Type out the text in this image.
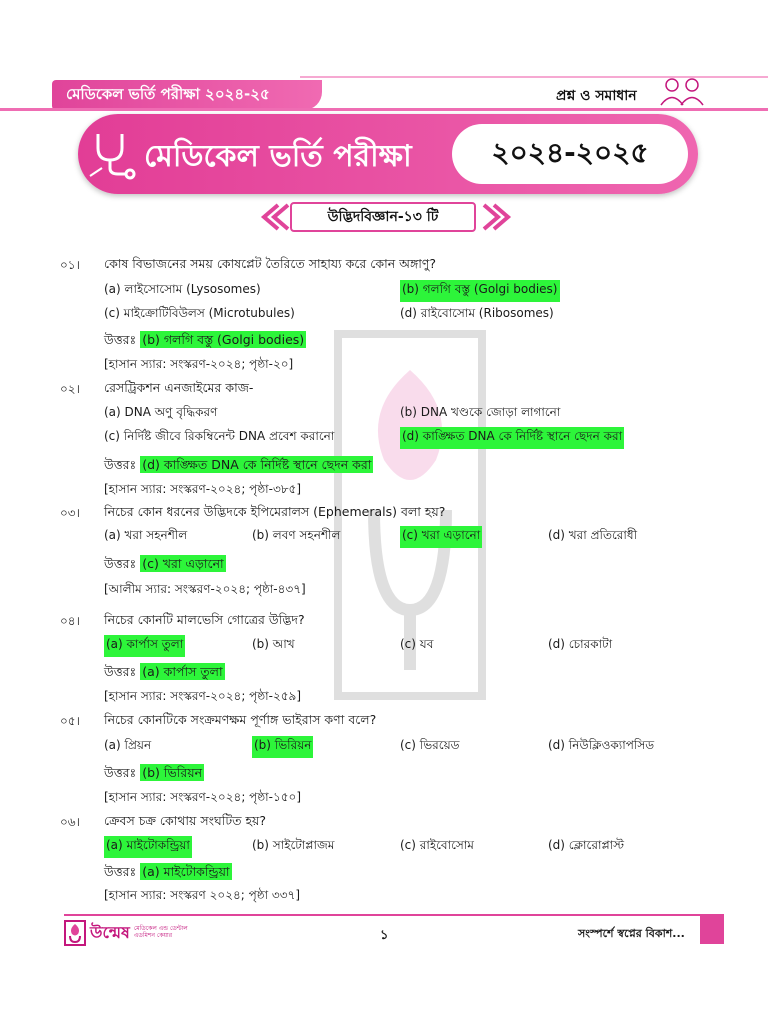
মেডিকেল ভর্তি পরীক্ষা ২০২৪-২৫	প্রশ্ন ও সমাধান
মেডিকেল ভর্তি পরীক্ষা	২০২৪-২০২৫
উদ্ভিদবিজ্ঞান-১৩ টি
০১। কোষ বিভাজনের সময় কোষপ্লেট তৈরিতে সাহায্য করে কোন অঙ্গাণু?
(a) লাইসোসোম (Lysosomes)	(b) গলগি বস্তু (Golgi bodies)
(c) মাইক্রোটিবিউলস (Microtubules)	(d) রাইবোসোম (Ribosomes)
উত্তরঃ (b) গলগি বস্তু (Golgi bodies)
[হাসান স্যার: সংস্করণ-২০২৪; পৃষ্ঠা-২০]
০২। রেসট্রিকশন এনজাইমের কাজ-
(a) DNA অণু বৃদ্ধিকরণ	(b) DNA খণ্ডকে জোড়া লাগানো
(c) নির্দিষ্ট জীবে রিকম্বিনেন্ট DNA প্রবেশ করানো	(d) কাঙ্ক্ষিত DNA কে নির্দিষ্ট স্থানে ছেদন করা
উত্তরঃ (d) কাঙ্ক্ষিত DNA কে নির্দিষ্ট স্থানে ছেদন করা
[হাসান স্যার: সংস্করণ-২০২৪; পৃষ্ঠা-৩৮৫]
০৩। নিচের কোন ধরনের উদ্ভিদকে ইপিমেরালস (Ephemerals) বলা হয়?
(a) খরা সহনশীল	(b) লবণ সহনশীল	(c) খরা এড়ানো	(d) খরা প্রতিরোধী
উত্তরঃ (c) খরা এড়ানো
[আলীম স্যার: সংস্করণ-২০২৪; পৃষ্ঠা-৪৩৭]
০৪। নিচের কোনটি মালভেসি গোত্রের উদ্ভিদ?
(a) কার্পাস তুলা	(b) আখ	(c) যব	(d) চোরকাটা
উত্তরঃ (a) কার্পাস তুলা
[হাসান স্যার: সংস্করণ-২০২৪; পৃষ্ঠা-২৫৯]
০৫। নিচের কোনটিকে সংক্রমণক্ষম পূর্ণাঙ্গ ভাইরাস কণা বলে?
(a) প্রিয়ন	(b) ভিরিয়ন	(c) ভিরয়েড	(d) নিউক্লিওক্যাপসিড
উত্তরঃ (b) ভিরিয়ন
[হাসান স্যার: সংস্করণ-২০২৪; পৃষ্ঠা-১৫০]
০৬। ক্রেবস চক্র কোথায় সংঘটিত হয়?
(a) মাইটোকন্ড্রিয়া	(b) সাইটোপ্লাজম	(c) রাইবোসোম	(d) ক্লোরোপ্লাস্ট
উত্তরঃ (a) মাইটোকন্ড্রিয়া
[হাসান স্যার: সংস্করণ ২০২৪; পৃষ্ঠা ৩৩৭]
উন্মেষ মেডিকেল এন্ড ডেন্টাল এডমিশন কেয়ার	১	সংস্পর্শে স্বপ্নের বিকাশ...
